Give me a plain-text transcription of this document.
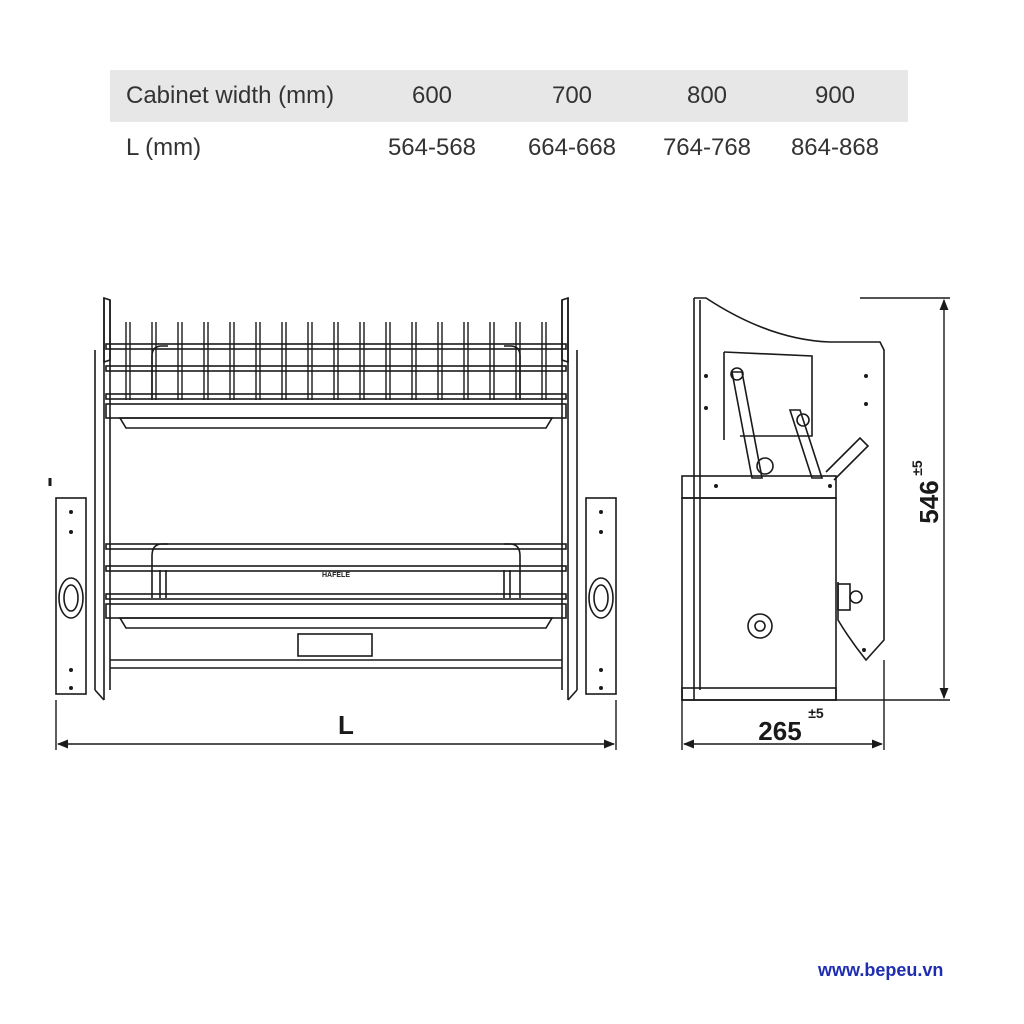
Cabinet width (mm)	600	700	800	900
L (mm)	564-568	664-668	764-768	864-868
HÄFELE
L
546
±5
265
±5
www.bepeu.vn
